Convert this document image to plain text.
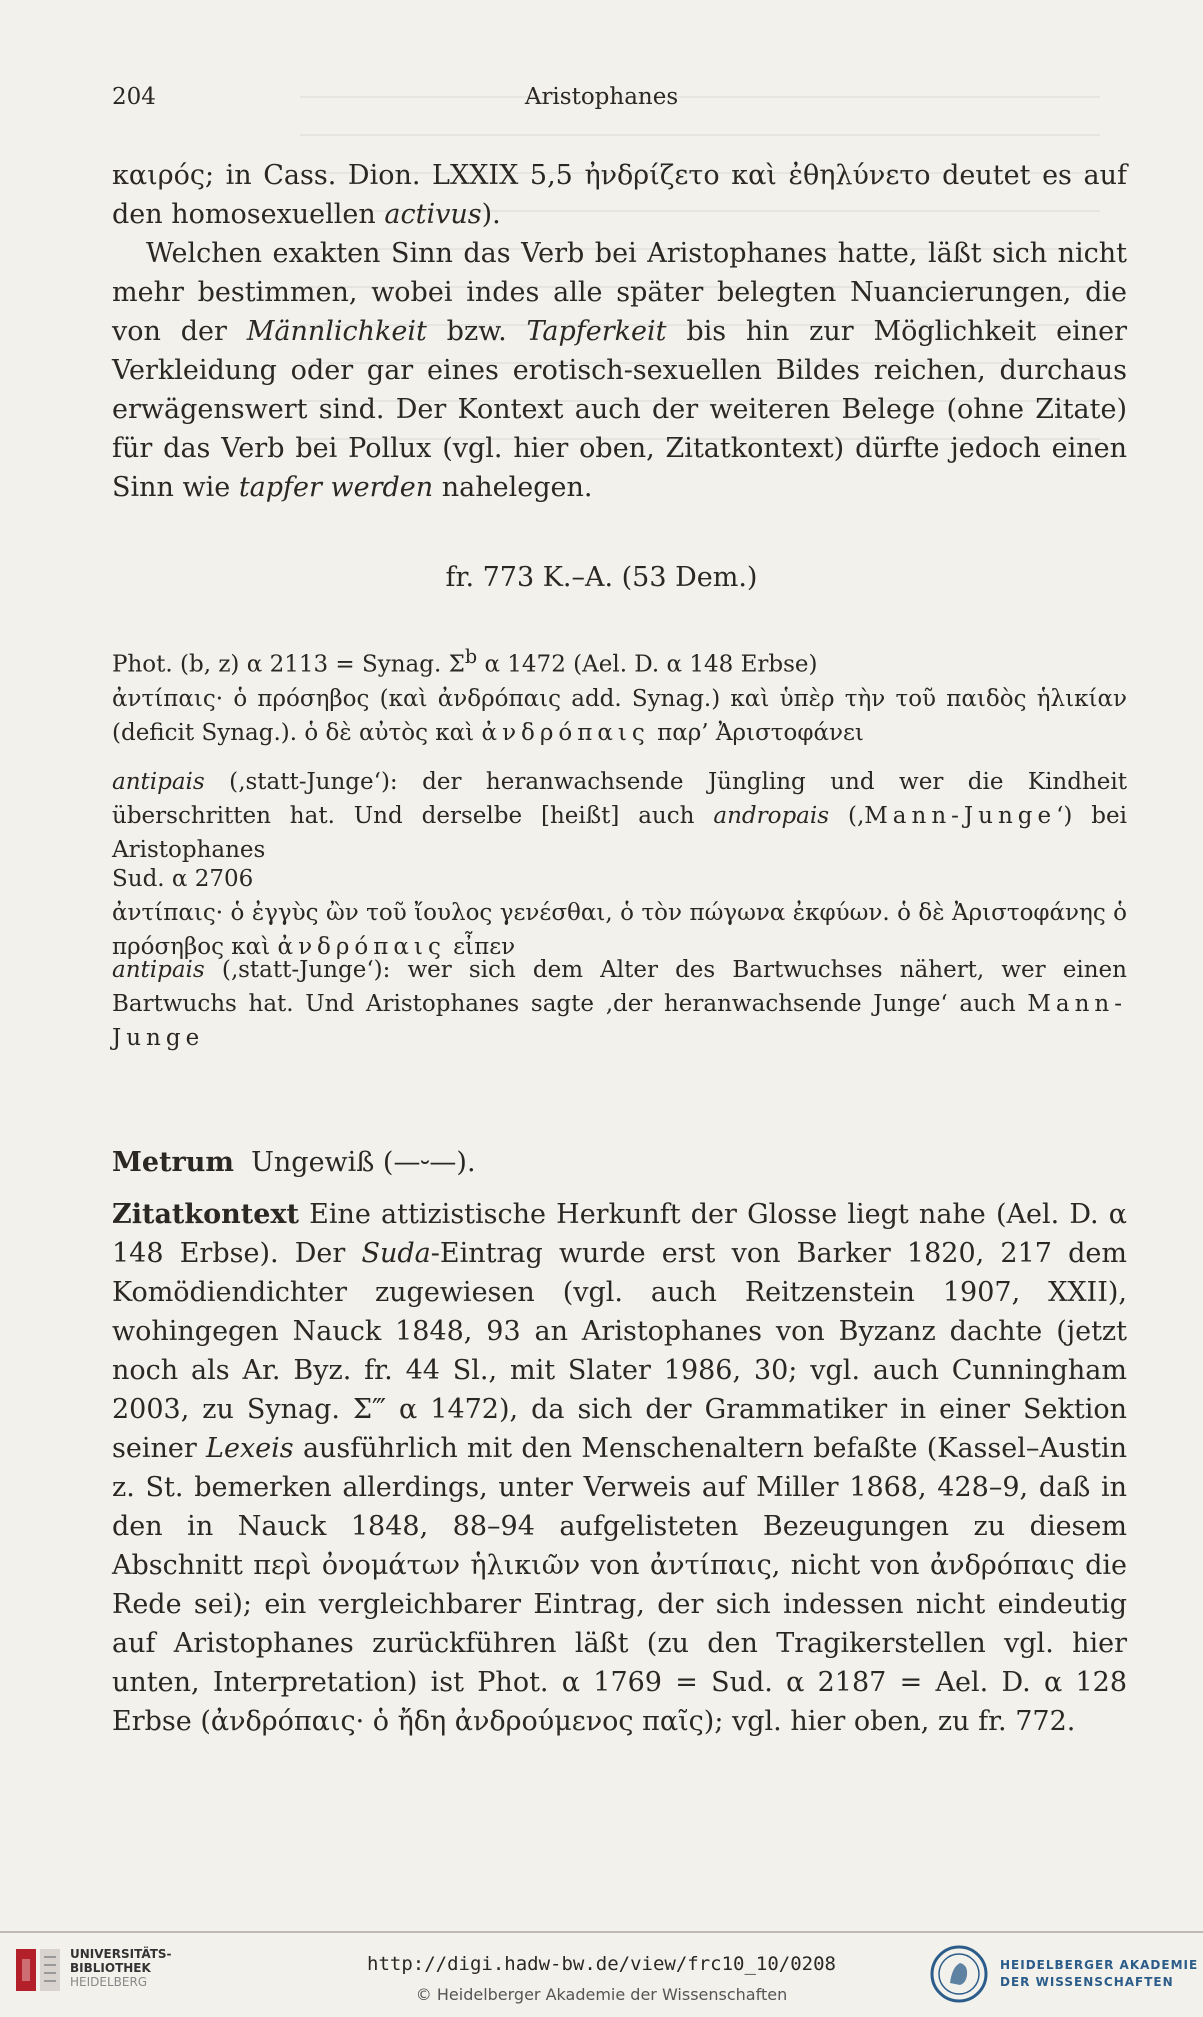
204	Aristophanes

καιρός; in Cass. Dion. LXXIX 5,5 ἠνδρίζετο καὶ ἐθηλύνετο deutet es auf den homosexuellen activus).

Welchen exakten Sinn das Verb bei Aristophanes hatte, läßt sich nicht mehr bestimmen, wobei indes alle später belegten Nuancierungen, die von der Männlichkeit bzw. Tapferkeit bis hin zur Möglichkeit einer Verkleidung oder gar eines erotisch-sexuellen Bildes reichen, durchaus erwägenswert sind. Der Kontext auch der weiteren Belege (ohne Zitate) für das Verb bei Pollux (vgl. hier oben, Zitatkontext) dürfte jedoch einen Sinn wie tapfer werden nahelegen.

fr. 773 K.–A. (53 Dem.)

Phot. (b, z) α 2113 = Synag. $\Sigma^b$ α 1472 (Ael. D. α 148 Erbse)

ἀντίπαις· ὁ πρόσηβος (καὶ ἀνδρόπαις add. Synag.) καὶ ὑπὲρ τὴν τοῦ παιδὸς ἡλικίαν (deficit Synag.). ὁ δὲ αὐτὸς καὶ ἀνδρόπαις παρ’ Ἀριστοφάνει

antipais (‚statt-Junge‘): der heranwachsende Jüngling und wer die Kindheit überschritten hat. Und derselbe [heißt] auch andropais (‚Mann-Junge‘) bei Aristophanes

Sud. α 2706

ἀντίπαις· ὁ ἐγγὺς ὢν τοῦ ἴουλος γενέσθαι, ὁ τὸν πώγωνα ἐκφύων. ὁ δὲ Ἀριστοφάνης ὁ πρόσηβος καὶ ἀνδρόπαις εἶπεν

antipais (‚statt-Junge‘): wer sich dem Alter des Bartwuchses nähert, wer einen Bartwuchs hat. Und Aristophanes sagte ‚der heranwachsende Junge‘ auch Mann-Junge

Metrum Ungewiß (—⏑—).
Zitatkontext Eine attizistische Herkunft der Glosse liegt nahe (Ael. D. α 148 Erbse). Der Suda-Eintrag wurde erst von Barker 1820, 217 dem Komödiendichter zugewiesen (vgl. auch Reitzenstein 1907, XXII), wohingegen Nauck 1848, 93 an Aristophanes von Byzanz dachte (jetzt noch als Ar. Byz. fr. 44 Sl., mit Slater 1986, 30; vgl. auch Cunningham 2003, zu Synag. Σ‴ α 1472), da sich der Grammatiker in einer Sektion seiner Lexeis ausführlich mit den Menschenaltern befaßte (Kassel–Austin z. St. bemerken allerdings, unter Verweis auf Miller 1868, 428–9, daß in den in Nauck 1848, 88–94 aufgelisteten Bezeugungen zu diesem Abschnitt περὶ ὀνομάτων ἡλικιῶν von ἀντίπαις, nicht von ἀνδρόπαις die Rede sei); ein vergleichbarer Eintrag, der sich indessen nicht eindeutig auf Aristophanes zurückführen läßt (zu den Tragikerstellen vgl. hier unten, Interpretation) ist Phot. α 1769 = Sud. α 2187 = Ael. D. α 128 Erbse (ἀνδρόπαις· ὁ ἤδη ἀνδρούμενος παῖς); vgl. hier oben, zu fr. 772.
UNIVERSITÄTS-
BIBLIOTHEK
HEIDELBERG
http://digi.hadw-bw.de/view/frc10_10/0208
© Heidelberger Akademie der Wissenschaften
HEIDELBERGER AKADEMIE
DER WISSENSCHAFTEN
